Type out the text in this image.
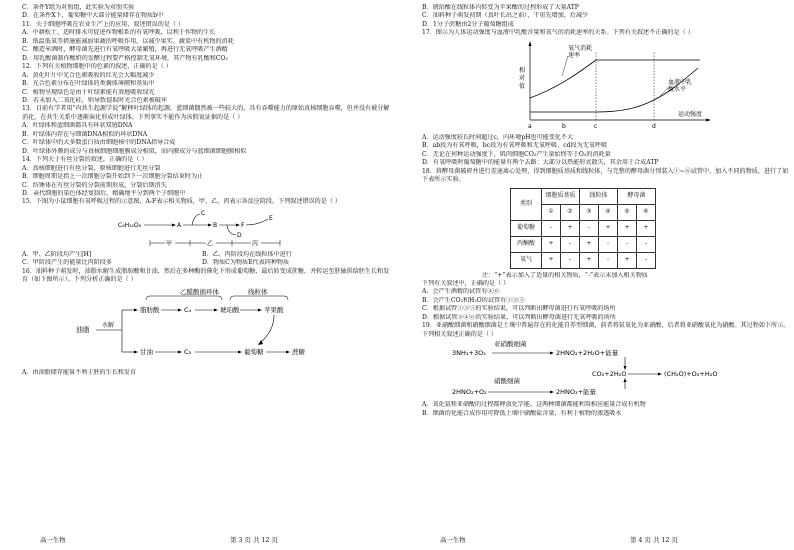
C．条件Y组为对照组，此实验为对照实验
D．在条件X下，葡萄糖中大部分能量储存在物质b中
11．关于细胞呼吸在农业生产上的应用，叙述错误的是（ ）
A．中耕松土、适时排水可促进作物根系的有氧呼吸，以利于作物的生长
B．低温低氧等措施能减弱果蔬的呼吸作用，以减少果实、蔬菜中有机物的消耗
C．酿造米酒时，酵母菌先进行有氧呼吸大量繁殖，再进行无氧呼吸产生酒精
D．用乳酸菌制作酸奶的发酵过程要严格控制无氧环境，其产物有乳酸和CO₂
12．下列有关植物细胞中的色素的叙述，正确的是（ ）
A．黄化叶片中光合色素吸收的红光会大幅度减少
B．光合色素分布在叶绿体的类囊体薄膜和基质中
C．植物呈现绿色是由于叶绿素能有效地吸收绿光
D．若未加入二氧化硅，则导致提取时光合色素被破坏
13．目前有学者用“内共生起源学说”解释叶绿体的起源，蓝细菌偶然被一些较大的、具有吞噬能力的原始真核细胞吞噬，但并没有被分解消化，在共生关系中逐渐演化形成叶绿体。下列事实不能作为该假说证据的是（ ）
A．叶绿体和蓝细菌都具有环状双链DNA
B．叶绿体内存在与细菌DNA相似的环状DNA
C．叶绿体中的大多数蛋白质由细胞核中的DNA指导合成
D．叶绿体外膜的成分与真核细胞细胞膜成分相似，而内膜成分与蓝细菌细胞膜相似
14．下列关于有丝分裂的叙述，正确的是（ ）
A．真核细胞进行有丝分裂，原核细胞进行无丝分裂
B．细胞周期是指上一次细胞分裂开始到下一次细胞分裂结束时为止
C．纺锤体在有丝分裂的分裂前期形成，分裂后期消失
D．亲代细胞的染色体经复制后，精确地平分到两个子细胞中
15．下图为小鼠细胞有氧呼吸过程的示意图，A-F表示相关物质，甲、乙、丙表示各反应阶段。下列叙述错误的是（ ）
C₆H₁₂O₆	A	B
C
F
D
E
甲	乙	丙
A．甲、乙阶段均产生[H]	B．乙、丙阶段均在线粒体中进行
C．甲阶段产生的能量比丙阶段多	D．物质C为物质E代表同种物质
16．油料种子萌发时，油脂水解生成脂肪酸和甘油，然后在多种酶的催化下形成葡萄糖，最后转变成蔗糖，并转运至胚轴供给胚生长和发育（如下图所示）。下列分析正确的是（ ）
乙醛酸循环体	线粒体
油脂
水解
脂肪酸	C₄	琥珀酸	苹果酸
甘油	C₃	葡萄糖	蔗糖
A．由油脂储存能量不利于胚的生长和发育
高一生物	第 3 页 共 12 页
B．琥珀酸在线粒体内转变为苹果酸的过程形成了大量ATP
C．油料种子萌发初期（真叶长出之前），干重先增加，后减少
D．1分子蔗糖由2分子葡萄糖组成
17．图示为人体运动强度与血液中乳酸含量和氧气的消耗速率的关系。下列有关叙述不正确的是（ ）
相对值
运动强度
氧气消耗速率
血液中乳酸水平
a	b	c	d
A．运动强度较长时间超过c，内环境pH也可能变化不大
B．ab段为有氧呼吸，bc段为有氧呼吸和无氧呼吸，cd段为无氧呼吸
C．无论在何种运动强度下，肌肉细胞CO₂产生量始终等于O₂的消耗量
D．有氧呼吸时葡萄糖中的能量有两个去路：大部分以热能形式散失，其余用于合成ATP
18．将酵母菌破碎并进行差速离心处理，得到细胞质基质和线粒体，与完整的酵母菌分别装入①~⑥试管中，加入不同的物质，进行了如下表所示实验。
类别	细胞质基质		线粒体		酵母菌	
	①	②	③	④	⑤	⑥
葡萄糖	-	+	-	+	+	+
丙酮酸	+	-	+	-	-	-
氧气	+	-	+	-	+	-
注：“+”表示加入了适量的相关物质，“-”表示未加入相关物质
下列有关叙述中，正确的是（ ）
A．会产生酒精的试管有④⑥
B．会产生CO₂和H₂O的试管有①③⑤
C．根据试管①③⑤的实验结果，可以判断出酵母菌进行有氧呼吸的场所
D．根据试管②④⑥的实验结果，可以判断出酵母菌进行无氧呼吸的场所
19．亚硝酸细菌和硝酸细菌是土壤中普遍存在的化能自养型细菌，前者将氨氧化为亚硝酸，后者将亚硝酸氧化为硝酸。其过程如下所示。下列相关叙述正确的是（ ）
亚硝酸细菌
3NH₃+3O₂	2HNO₂+2H₂O+能量
CO₂+2H₂O	(CH₂O)+O₂+H₂O
硝酸细菌
2HNO₂+O₂	2HNO₃+能量
A．氧化氨和亚硝酸的过程都释放化学能，这两种细菌都能利用相应能量合成有机物
B．细菌的化能合成作用可降低土壤中硝酸盐含量，有利于植物的渗透吸水
高一生物	第 4 页 共 12 页
